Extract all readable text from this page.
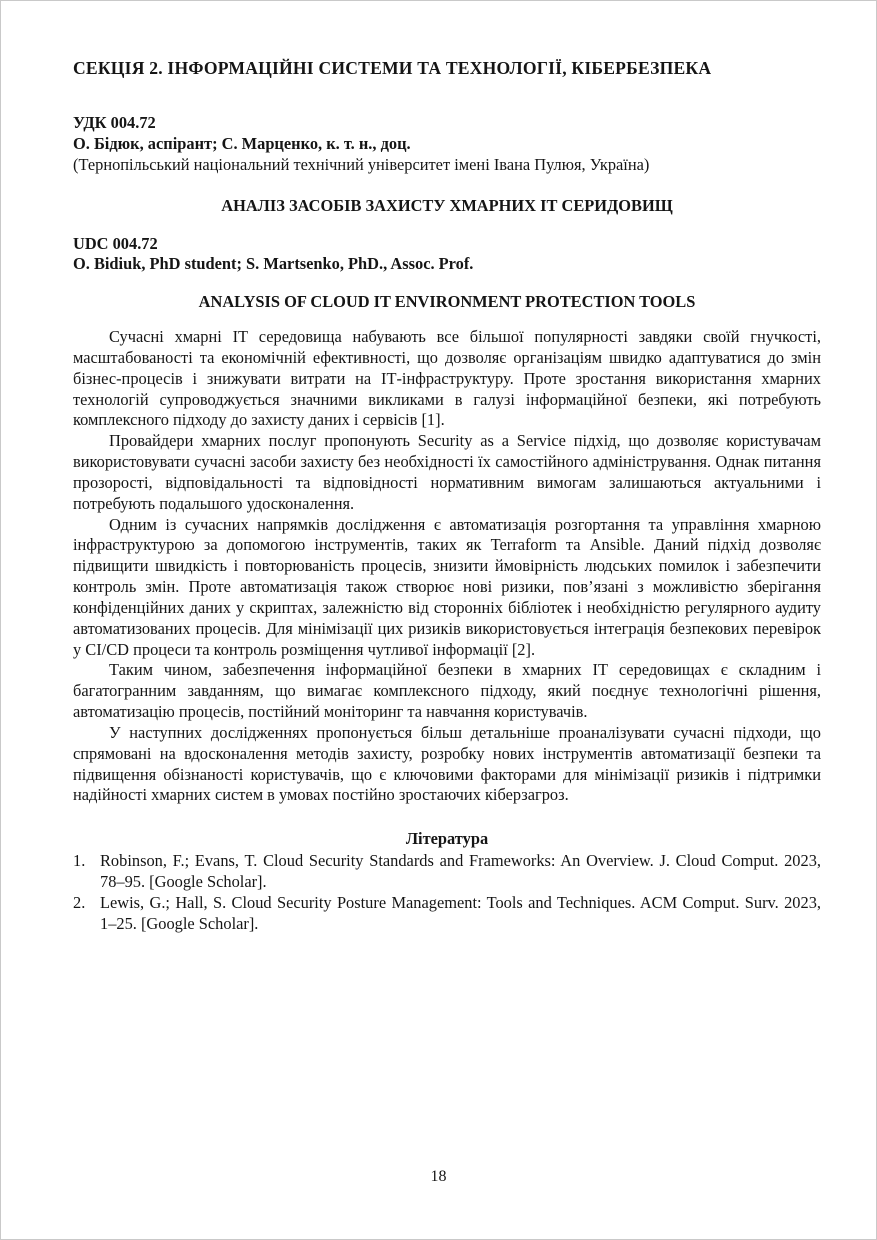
СЕКЦІЯ 2. ІНФОРМАЦІЙНІ СИСТЕМИ ТА ТЕХНОЛОГІЇ, КІБЕРБЕЗПЕКА

УДК 004.72

О. Бідюк, аспірант; С. Марценко, к. т. н., доц.

(Тернопільський національний технічний університет імені Івана Пулюя, Україна)

АНАЛІЗ ЗАСОБІВ ЗАХИСТУ ХМАРНИХ ІТ СЕРИДОВИЩ

UDC 004.72

O. Bidiuk, PhD student; S. Martsenko, PhD., Assoc. Prof.

ANALYSIS OF CLOUD IT ENVIRONMENT PROTECTION TOOLS

Сучасні хмарні ІТ середовища набувають все більшої популярності завдяки своїй гнучкості, масштабованості та економічній ефективності, що дозволяє організаціям швидко адаптуватися до змін бізнес-процесів і знижувати витрати на ІТ-інфраструктуру. Проте зростання використання хмарних технологій супроводжується значними викликами в галузі інформаційної безпеки, які потребують комплексного підходу до захисту даних і сервісів [1].

Провайдери хмарних послуг пропонують Security as a Service підхід, що дозволяє користувачам використовувати сучасні засоби захисту без необхідності їх самостійного адміністрування. Однак питання прозорості, відповідальності та відповідності нормативним вимогам залишаються актуальними і потребують подальшого удосконалення.

Одним із сучасних напрямків дослідження є автоматизація розгортання та управління хмарною інфраструктурою за допомогою інструментів, таких як Terraform та Ansible. Даний підхід дозволяє підвищити швидкість і повторюваність процесів, знизити ймовірність людських помилок і забезпечити контроль змін. Проте автоматизація також створює нові ризики, пов’язані з можливістю зберігання конфіденційних даних у скриптах, залежністю від сторонніх бібліотек і необхідністю регулярного аудиту автоматизованих процесів. Для мінімізації цих ризиків використовується інтеграція безпекових перевірок у CI/CD процеси та контроль розміщення чутливої інформації [2].

Таким чином, забезпечення інформаційної безпеки в хмарних ІТ середовищах є складним і багатогранним завданням, що вимагає комплексного підходу, який поєднує технологічні рішення, автоматизацію процесів, постійний моніторинг та навчання користувачів.

У наступних дослідженнях пропонується більш детальніше проаналізувати сучасні підходи, що спрямовані на вдосконалення методів захисту, розробку нових інструментів автоматизації безпеки та підвищення обізнаності користувачів, що є ключовими факторами для мінімізації ризиків і підтримки надійності хмарних систем в умовах постійно зростаючих кіберзагроз.

Література

1. Robinson, F.; Evans, T. Cloud Security Standards and Frameworks: An Overview. J. Cloud Comput. 2023, 78–95. [Google Scholar].
2. Lewis, G.; Hall, S. Cloud Security Posture Management: Tools and Techniques. ACM Comput. Surv. 2023, 1–25. [Google Scholar].
18
